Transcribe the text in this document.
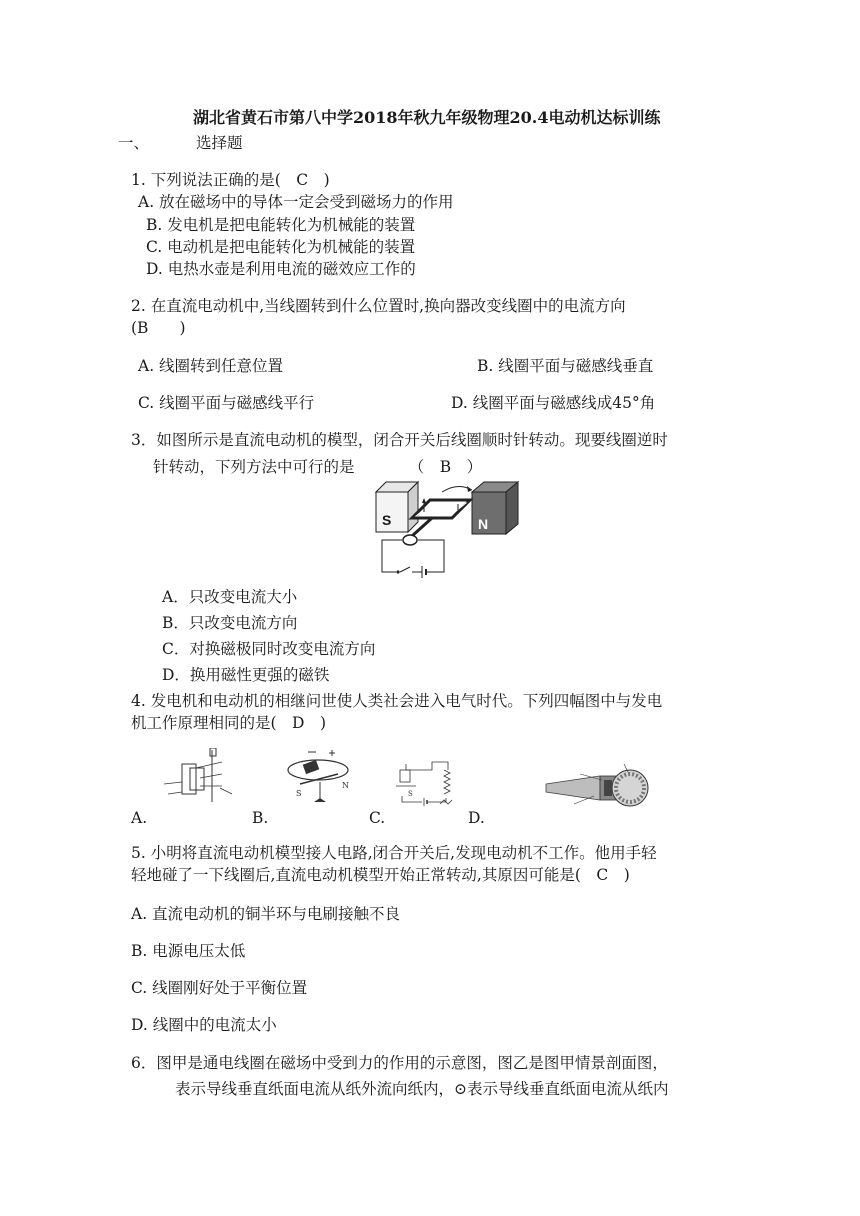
湖北省黄石市第八中学2018年秋九年级物理20.4电动机达标训练
一、	选择题
1. 下列说法正确的是(　C　)
A. 放在磁场中的导体一定会受到磁场力的作用
B. 发电机是把电能转化为机械能的装置
C. 电动机是把电能转化为机械能的装置
D. 电热水壶是利用电流的磁效应工作的
2. 在直流电动机中,当线圈转到什么位置时,换向器改变线圈中的电流方向
(B　　)
A. 线圈转到任意位置	B. 线圈平面与磁感线垂直
C. 线圈平面与磁感线平行	D. 线圈平面与磁感线成45°角
3．如图所示是直流电动机的模型，闭合开关后线圈顺时针转动。现要线圈逆时
针转动，下列方法中可行的是　　　　（　B　）
S	N
A．只改变电流大小
B．只改变电流方向
C．对换磁极同时改变电流方向
D．换用磁性更强的磁铁
4. 发电机和电动机的相继问世使人类社会进入电气时代。下列四幅图中与发电
机工作原理相同的是(　D　)
S
N
S
A.	B.	C.	D.
5. 小明将直流电动机模型接人电路,闭合开关后,发现电动机不工作。他用手轻
轻地碰了一下线圈后,直流电动机模型开始正常转动,其原因可能是(　C　)
A. 直流电动机的铜半环与电刷接触不良
B. 电源电压太低
C. 线圈刚好处于平衡位置
D. 线圈中的电流太小
6．图甲是通电线圈在磁场中受到力的作用的示意图，图乙是图甲情景剖面图，
表示导线垂直纸面电流从纸外流向纸内，⊙表示导线垂直纸面电流从纸内
